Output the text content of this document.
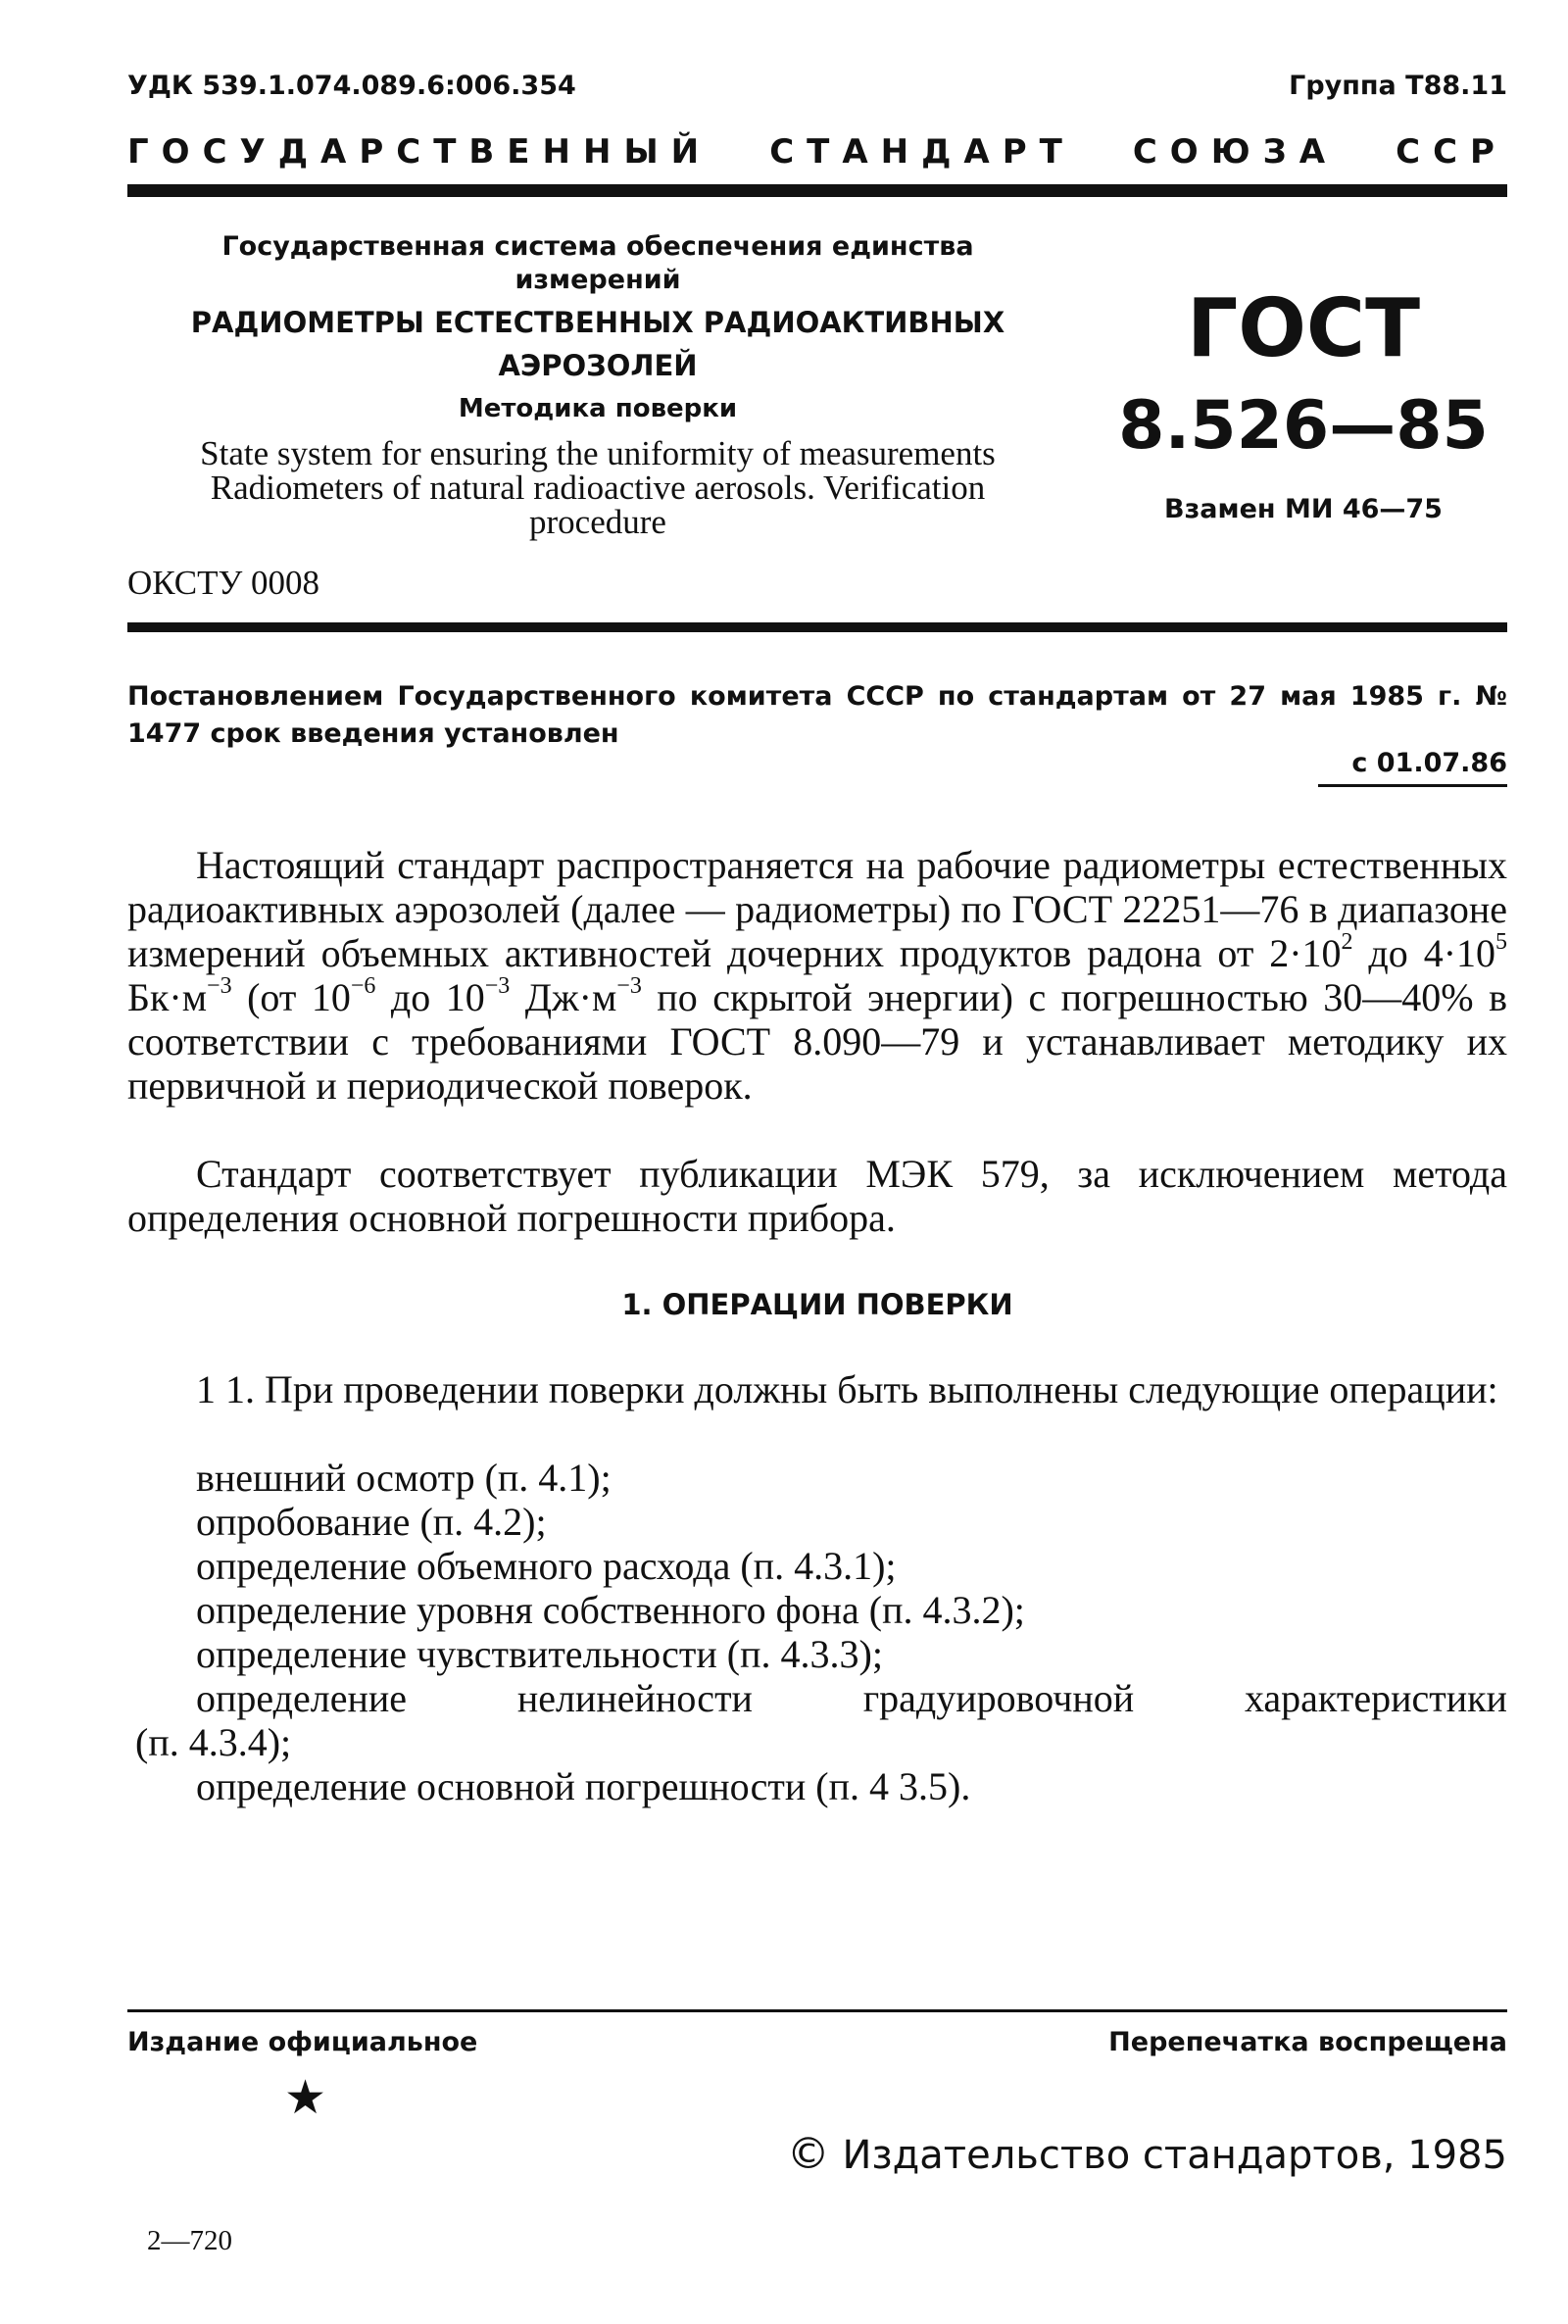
УДК 539.1.074.089.6:006.354	Группа Т88.11
ГОСУДАРСТВЕННЫЙ СТАНДАРТ СОЮЗА ССР
Государственная система обеспечения единства измерений
РАДИОМЕТРЫ ЕСТЕСТВЕННЫХ РАДИОАКТИВНЫХ АЭРОЗОЛЕЙ
Методика поверки
State system for ensuring the uniformity of measurements Radiometers of natural radioactive aerosols. Verification procedure
ОКСТУ 0008
ГОСТ
8.526—85
Взамен МИ 46—75
Постановлением Государственного комитета СССР по стандартам от 27 мая 1985 г. № 1477 срок введения установлен
с 01.07.86
Настоящий стандарт распространяется на рабочие радиометры естественных радиоактивных аэрозолей (далее — радиометры) по ГОСТ 22251—76 в диапазоне измерений объемных активностей дочерних продуктов радона от $2\cdot 10^2$ до $4\cdot 10^5$ $Бк\cdot м^{-3}$ (от $10^{-6}$ до $10^{-3}$ $Дж\cdot м^{-3}$ по скрытой энергии) с погрешностью 30—40% в соответствии с требованиями ГОСТ 8.090—79 и устанавливает методику их первичной и периодической поверок.
Стандарт соответствует публикации МЭК 579, за исключением метода определения основной погрешности прибора.
1. ОПЕРАЦИИ ПОВЕРКИ
1 1. При проведении поверки должны быть выполнены следующие операции:
внешний осмотр (п. 4.1);
опробование (п. 4.2);
определение объемного расхода (п. 4.3.1);
определение уровня собственного фона (п. 4.3.2);
определение чувствительности (п. 4.3.3);
определение	нелинейности	градуировочной	характеристики
(п. 4.3.4);
определение основной погрешности (п. 4 3.5).
Издание официальное	Перепечатка воспрещена
★
© Издательство стандартов, 1985
2—720
